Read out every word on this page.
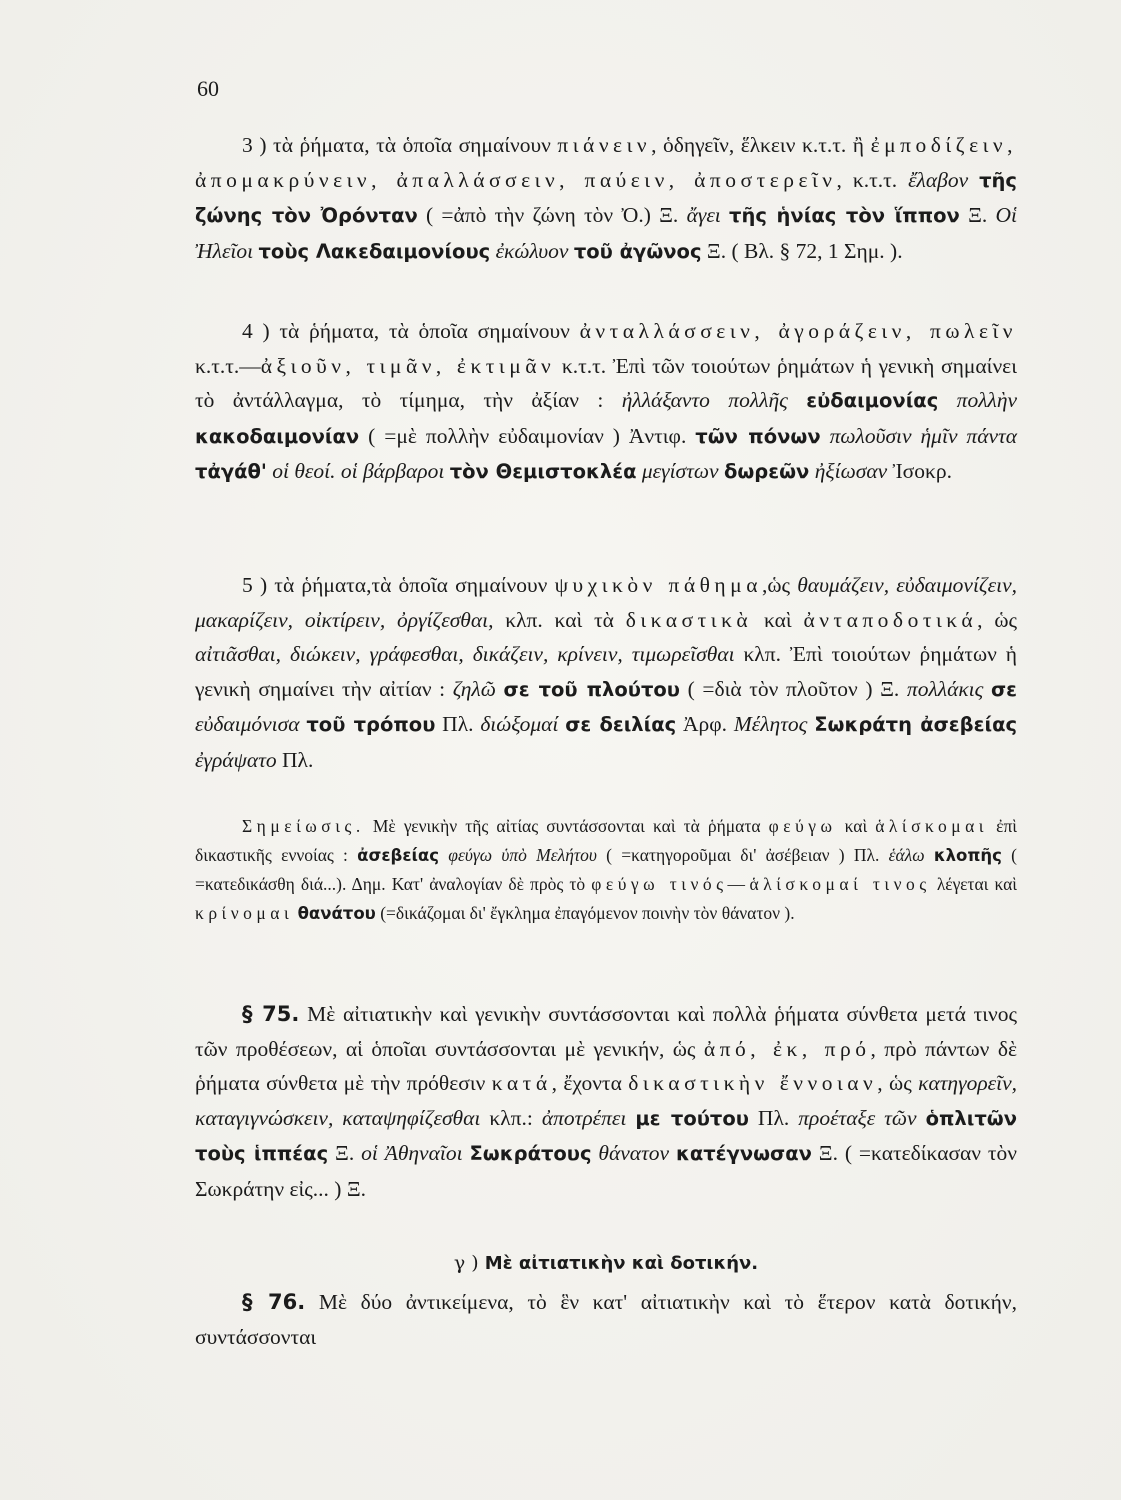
60

3 ) τὰ ῥήματα, τὰ ὁποῖα σημαίνουν πιάνειν, ὁδηγεῖν, ἕλκειν κ.τ.τ. ἢ ἐμποδίζειν, ἀπομακρύνειν, ἀπαλλάσσειν, παύειν, ἀποστερεῖν, κ.τ.τ. ἔλαβον τῆς ζώνης τὸν Ὀρόνταν ( =ἀπὸ τὴν ζώνη τὸν Ὀ.) Ξ. ἄγει τῆς ἡνίας τὸν ἵππον Ξ. Οἱ Ἠλεῖοι τοὺς Λακεδαιμονίους ἐκώλυον τοῦ ἀγῶνος Ξ. ( Βλ. § 72, 1 Σημ. ).

4 ) τὰ ῥήματα, τὰ ὁποῖα σημαίνουν ἀνταλλάσσειν, ἀγοράζειν, πωλεῖν κ.τ.τ.—ἀξιοῦν, τιμᾶν, ἐκτιμᾶν κ.τ.τ. Ἐπὶ τῶν τοιούτων ῥημάτων ἡ γενικὴ σημαίνει τὸ ἀντάλλαγμα, τὸ τίμημα, τὴν ἀξίαν : ἠλλάξαντο πολλῆς εὐδαιμονίας πολλὴν κακοδαιμονίαν ( =μὲ πολλὴν εὐδαιμονίαν ) Ἀντιφ. τῶν πόνων πωλοῦσιν ἡμῖν πάντα τἀγάθ' οἱ θεοί. οἱ βάρβαροι τὸν Θεμιστοκλέα μεγίστων δωρεῶν ἠξίωσαν Ἰσοκρ.

5 ) τὰ ῥήματα,τὰ ὁποῖα σημαίνουν ψυχικὸν πάθημα,ὡς θαυμάζειν, εὐδαιμονίζειν, μακαρίζειν, οἰκτίρειν, ὀργίζεσθαι, κλπ. καὶ τὰ δικαστικὰ καὶ ἀνταποδοτικά, ὡς αἰτιᾶσθαι, διώκειν, γράφεσθαι, δικάζειν, κρίνειν, τιμωρεῖσθαι κλπ. Ἐπὶ τοιούτων ῥημάτων ἡ γενικὴ σημαίνει τὴν αἰτίαν : ζηλῶ σε τοῦ πλούτου ( =διὰ τὸν πλοῦτον ) Ξ. πολλάκις σε εὐδαιμόνισα τοῦ τρόπου Πλ. διώξομαί σε δειλίας Ἀρφ. Μέλητος Σωκράτη ἀσεβείας ἐγράψατο Πλ.

Σημείωσις. Μὲ γενικὴν τῆς αἰτίας συντάσσονται καὶ τὰ ῥήματα φεύγω καὶ ἁλίσκομαι ἐπὶ δικαστικῆς εννοίας : ἀσεβείας φεύγω ὑπὸ Μελήτου ( =κατηγοροῦμαι δι' ἀσέβειαν ) Πλ. ἑάλω κλοπῆς ( =κατεδικάσθη διά...). Δημ. Κατ' ἀναλογίαν δὲ πρὸς τὸ φεύγω τινός—ἁλίσκομαί τινος λέγεται καὶ κρίνομαι θανάτου (=δικάζομαι δι' ἔγκλημα ἐπαγόμενον ποινὴν τὸν θάνατον ).

§ 75. Μὲ αἰτιατικὴν καὶ γενικὴν συντάσσονται καὶ πολλὰ ῥήματα σύνθετα μετά τινος τῶν προθέσεων, αἱ ὁποῖαι συντάσσονται μὲ γενικήν, ὡς ἀπό, ἐκ, πρό, πρὸ πάντων δὲ ῥήματα σύνθετα μὲ τὴν πρόθεσιν κατά, ἔχοντα δικαστικὴν ἔννοιαν, ὡς κατηγορεῖν, καταγιγνώσκειν, καταψηφίζεσθαι κλπ.: ἀποτρέπει με τούτου Πλ. προέταξε τῶν ὁπλιτῶν τοὺς ἱππέας Ξ. οἱ Ἀθηναῖοι Σωκράτους θάνατον κατέγνωσαν Ξ. ( =κατεδίκασαν τὸν Σωκράτην εἰς... ) Ξ.

γ ) Μὲ αἰτιατικὴν καὶ δοτικήν.

§ 76. Μὲ δύο ἀντικείμενα, τὸ ἓν κατ' αἰτιατικὴν καὶ τὸ ἕτερον κατὰ δοτικήν, συντάσσονται
